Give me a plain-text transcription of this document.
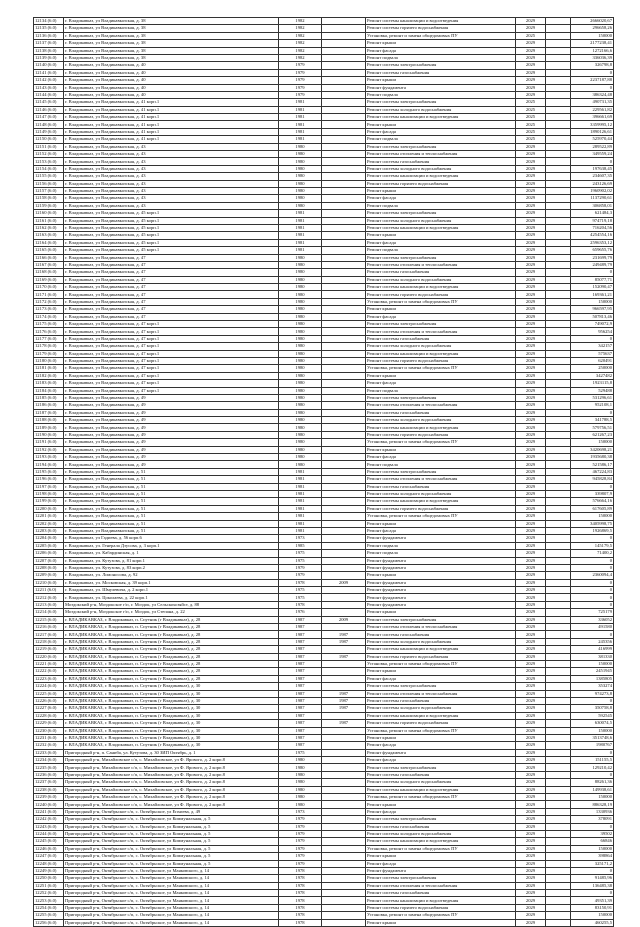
12134 (6.0)	г. Владикавказ, ул Владикавказская, д. 38	1982		Ремонт системы канализации и водоотведения	2029		2666020,67
12135 (6.0)	г. Владикавказ, ул Владикавказская, д. 38	1982		Ремонт системы горячего водоснабжения	2029		296658,26
12136 (6.0)	г. Владикавказ, ул Владикавказская, д. 38	1982		Установка, ремонт и замена общедомовых ПУ	2025		150000
12137 (6.0)	г. Владикавказ, ул Владикавказская, д. 38	1982		Ремонт крыши	2029		2177238,41
12138 (6.0)	г. Владикавказ, ул Владикавказская, д. 38	1982		Ремонт фасада	2029		1272166,6
12139 (6.0)	г. Владикавказ, ул Владикавказская, д. 38	1982		Ремонт подвала	2029		336036,39
12140 (6.0)	г. Владикавказ, ул Владикавказская, д. 40	1979		Ремонт системы электроснабжения	2029		326798,8
12141 (6.0)	г. Владикавказ, ул Владикавказская, д. 40	1979		Ремонт системы газоснабжения	2029		0
12142 (6.0)	г. Владикавказ, ул Владикавказская, д. 40	1979		Ремонт крыши	2029		2237187,88
12143 (6.0)	г. Владикавказ, ул Владикавказская, д. 40	1979		Ремонт фундамента	2029		0
12144 (6.0)	г. Владикавказ, ул Владикавказская, д. 40	1979		Ремонт подвала	2029		386324,48
12145 (6.0)	г. Владикавказ, ул Владикавказская, д. 41 корп.1	1981		Ремонт системы электроснабжения	2025		490731,35
12146 (6.0)	г. Владикавказ, ул Владикавказская, д. 41 корп.1	1981		Ремонт системы холодного водоснабжения	2025		229561,82
12147 (6.0)	г. Владикавказ, ул Владикавказская, д. 41 корп.1	1981		Ремонт системы канализации и водоотведения	2025		396661,69
12148 (6.0)	г. Владикавказ, ул Владикавказская, д. 41 корп.1	1981		Ремонт крыши	2025		3359995,12
12149 (6.0)	г. Владикавказ, ул Владикавказская, д. 41 корп.1	1981		Ремонт фасада	2025		1890126,61
12150 (6.0)	г. Владикавказ, ул Владикавказская, д. 41 корп.1	1981		Ремонт подвала	2025		525970,44
12151 (6.0)	г. Владикавказ, ул Владикавказская, д. 43	1980		Ремонт системы электроснабжения	2029		289522,89
12152 (6.0)	г. Владикавказ, ул Владикавказская, д. 43	1980		Ремонт системы отопления и теплоснабжения	2029		349559,24
12153 (6.0)	г. Владикавказ, ул Владикавказская, д. 43	1980		Ремонт системы газоснабжения	2029		0
12154 (6.0)	г. Владикавказ, ул Владикавказская, д. 43	1980		Ремонт системы холодного водоснабжения	2029		197638,45
12155 (6.0)	г. Владикавказ, ул Владикавказская, д. 43	1980		Ремонт системы канализации и водоотведения	2029		234607,35
12156 (6.0)	г. Владикавказ, ул Владикавказская, д. 43	1980		Ремонт системы горячего водоснабжения	2029		243126,69
12157 (6.0)	г. Владикавказ, ул Владикавказская, д. 43	1980		Ремонт крыши	2029		1960902,02
12158 (6.0)	г. Владикавказ, ул Владикавказская, д. 43	1980		Ремонт фасада	2029		1137290,61
12159 (6.0)	г. Владикавказ, ул Владикавказская, д. 43	1980		Ремонт подвала	2029		306858,01
12160 (6.0)	г. Владикавказ, ул Владикавказская, д. 45 корп.1	1981		Ремонт системы электроснабжения	2029		621484,3
12161 (6.0)	г. Владикавказ, ул Владикавказская, д. 45 корп.1	1981		Ремонт системы холодного водоснабжения	2029		974719,18
12162 (6.0)	г. Владикавказ, ул Владикавказская, д. 45 корп.1	1981		Ремонт системы канализации и водоотведения	2029		716204,56
12163 (6.0)	г. Владикавказ, ул Владикавказская, д. 45 корп.1	1981		Ремонт крыши	2029		4254554,16
12164 (6.0)	г. Владикавказ, ул Владикавказская, д. 45 корп.1	1981		Ремонт фасада	2029		2596353,12
12165 (6.0)	г. Владикавказ, ул Владикавказская, д. 45 корп.1	1981		Ремонт подвала	2029		659655,76
12166 (6.0)	г. Владикавказ, ул Владикавказская, д. 47	1980		Ремонт системы электроснабжения	2029		231699,79
12167 (6.0)	г. Владикавказ, ул Владикавказская, д. 47	1980		Ремонт системы отопления и теплоснабжения	2029		249489,79
12168 (6.0)	г. Владикавказ, ул Владикавказская, д. 47	1980		Ремонт системы газоснабжения	2029		0
12169 (6.0)	г. Владикавказ, ул Владикавказская, д. 47	1980		Ремонт системы холодного водоснабжения	2029		85077,71
12170 (6.0)	г. Владикавказ, ул Владикавказская, д. 47	1980		Ремонт системы канализации и водоотведения	2029		152090,47
12171 (6.0)	г. Владикавказ, ул Владикавказская, д. 47	1980		Ремонт системы горячего водоснабжения	2029		169361,21
12172 (6.0)	г. Владикавказ, ул Владикавказская, д. 47	1980		Установка, ремонт и замена общедомовых ПУ	2029		150000
12173 (6.0)	г. Владикавказ, ул Владикавказская, д. 47	1980		Ремонт крыши	2029		966597,95
12174 (6.0)	г. Владикавказ, ул Владикавказская, д. 47	1980		Ремонт фасада	2029		507813,46
12175 (6.0)	г. Владикавказ, ул Владикавказская, д. 47 корп.1	1980		Ремонт системы электроснабжения	2029		749072,9
12176 (6.0)	г. Владикавказ, ул Владикавказская, д. 47 корп.1	1980		Ремонт системы отопления и теплоснабжения	2029		956254
12177 (6.0)	г. Владикавказ, ул Владикавказская, д. 47 корп.1	1980		Ремонт системы газоснабжения	2029		0
12178 (6.0)	г. Владикавказ, ул Владикавказская, д. 47 корп.1	1980		Ремонт системы холодного водоснабжения	2029		342157
12179 (6.0)	г. Владикавказ, ул Владикавказская, д. 47 корп.1	1980		Ремонт системы канализации и водоотведения	2029		575637
12180 (6.0)	г. Владикавказ, ул Владикавказская, д. 47 корп.1	1980		Ремонт системы горячего водоснабжения	2029		620491
12181 (6.0)	г. Владикавказ, ул Владикавказская, д. 47 корп.1	1980		Установка, ремонт и замена общедомовых ПУ	2029		250000
12182 (6.0)	г. Владикавказ, ул Владикавказская, д. 47 корп.1	1980		Ремонт крыши	2029		3427482
12183 (6.0)	г. Владикавказ, ул Владикавказская, д. 47 корп.1	1980		Ремонт фасада	2029		1923115,8
12184 (6.0)	г. Владикавказ, ул Владикавказская, д. 47 корп.1	1980		Ремонт подвала	2029		529488
12185 (6.0)	г. Владикавказ, ул Владикавказская, д. 49	1980		Ремонт системы электроснабжения	2029		531296,61
12186 (6.0)	г. Владикавказ, ул Владикавказская, д. 49	1980		Ремонт системы отопления и теплоснабжения	2029		952108,1
12187 (6.0)	г. Владикавказ, ул Владикавказская, д. 49	1980		Ремонт системы газоснабжения	2029		0
12188 (6.0)	г. Владикавказ, ул Владикавказская, д. 49	1980		Ремонт системы холодного водоснабжения	2029		341788,5
12189 (6.0)	г. Владикавказ, ул Владикавказская, д. 49	1980		Ремонт системы канализации и водоотведения	2029		579756,51
12190 (6.0)	г. Владикавказ, ул Владикавказская, д. 49	1980		Ремонт системы горячего водоснабжения	2029		621267,23
12191 (6.0)	г. Владикавказ, ул Владикавказская, д. 49	1980		Установка, ремонт и замена общедомовых ПУ	2029		150000
12192 (6.0)	г. Владикавказ, ул Владикавказская, д. 49	1980		Ремонт крыши	2029		3420698,21
12193 (6.0)	г. Владикавказ, ул Владикавказская, д. 49	1980		Ремонт фасада	2029		1935680,38
12194 (6.0)	г. Владикавказ, ул Владикавказская, д. 49	1980		Ремонт подвала	2029		521586,17
12195 (6.0)	г. Владикавказ, ул Владикавказская, д. 51	1981		Ремонт системы электроснабжения	2029		467224,83
12196 (6.0)	г. Владикавказ, ул Владикавказская, д. 51	1981		Ремонт системы отопления и теплоснабжения	2029		945828,84
12197 (6.0)	г. Владикавказ, ул Владикавказская, д. 51	1981		Ремонт системы газоснабжения	2029		0
12198 (6.0)	г. Владикавказ, ул Владикавказская, д. 51	1981		Ремонт системы холодного водоснабжения	2029		339807,9
12199 (6.0)	г. Владикавказ, ул Владикавказская, д. 51	1981		Ремонт системы канализации и водоотведения	2029		576664,16
12200 (6.0)	г. Владикавказ, ул Владикавказская, д. 51	1981		Ремонт системы горячего водоснабжения	2029		617605,89
12201 (6.0)	г. Владикавказ, ул Владикавказская, д. 51	1981		Установка, ремонт и замена общедомовых ПУ	2029		150000
12202 (6.0)	г. Владикавказ, ул Владикавказская, д. 51	1981		Ремонт крыши	2029		3405998,75
12203 (6.0)	г. Владикавказ, ул Владикавказская, д. 51	1981		Ремонт фасада	2029		1926869,5
12204 (6.0)	г. Владикавказ, ул Гадиева, д. 56 корп.6	1973		Ремонт фундамента	2029		0
12205 (6.0)	г. Владикавказ, ул. Генерала Дзусова, д. 3 корп.1	1985		Ремонт подвала	2029		145179,5
12206 (6.0)	г. Владикавказ, ул. Кабардинская, д. 1	1975		Ремонт подвала	2029		71400,2
12207 (6.0)	г. Владикавказ, ул. Кутузова, д. 81 корп.1	1975		Ремонт фундамента	2029		0
12208 (6.0)	г. Владикавказ, ул. Кутузова, д. 83 корп.2	1979		Ремонт фундамента	2029		0
12209 (6.0)	г. Владикавказ, ул. Ломоносова, д. 92	1979		Ремонт крыши	2029		2360094,4
12210 (6.0)	г. Владикавказ, ул. Московская, д. 39 корп.1	1978	2009	Ремонт фундамента	2029		0
12211 (6.0)	г. Владикавказ, ул. Шмулевича, д. 2 корп.1	1975		Ремонт фундамента	2029		0
12212 (6.0)	г. Владикавказ, ул. Цоколаева, д. 22 корп.1	1975		Ремонт фундамента	2029		0
12213 (6.0)	Моздокский р-н, Моздокское г/п, г. Моздок, ул Сельскохозяйст, д. 88	1978		Ремонт фундамента	2029		0
12214 (6.0)	Моздокский р-н, Моздокское г/п, г. Моздок, ул Степана, д. 22	1976		Ремонт крыши	2029		725179
12215 (6.0)	г. ВЛАДИКАВКАЗ, г. Владикавказ, п. Спутник (г Владикавказ), д. 28	1987	2009	Ремонт системы электроснабжения	2029		336052
12216 (6.0)	г. ВЛАДИКАВКАЗ, г. Владикавказ, п. Спутник (г Владикавказ), д. 28	1987		Ремонт системы отопления и теплоснабжения	2029		491580
12217 (6.0)	г. ВЛАДИКАВКАЗ, г. Владикавказ, п. Спутник (г Владикавказ), д. 28	1987	1987	Ремонт системы газоснабжения	2029		0
12218 (6.0)	г. ВЛАДИКАВКАЗ, г. Владикавказ, п. Спутник (г Владикавказ), д. 28	1987	1987	Ремонт системы холодного водоснабжения	2029		245356
12219 (6.0)	г. ВЛАДИКАВКАЗ, г. Владикавказ, п. Спутник (г Владикавказ), д. 28	1987		Ремонт системы канализации и водоотведения	2029		416999
12220 (6.0)	г. ВЛАДИКАВКАЗ, г. Владикавказ, п. Спутник (г Владикавказ), д. 28	1987	1987	Ремонт системы горячего водоснабжения	2029		381330
12221 (6.0)	г. ВЛАДИКАВКАЗ, г. Владикавказ, п. Спутник (г Владикавказ), д. 28	1987		Установка, ремонт и замена общедомовых ПУ	2029		150000
12222 (6.0)	г. ВЛАДИКАВКАЗ, г. Владикавказ, п. Спутник (г Владикавказ), д. 28	1987		Ремонт крыши	2029		2451945
12223 (6.0)	г. ВЛАДИКАВКАЗ, г. Владикавказ, п. Спутник (г Владикавказ), д. 28	1987		Ремонт фасада	2029		1385805
12224 (6.0)	г. ВЛАДИКАВКАЗ, г. Владикавказ, п. Спутник (г Владикавказ), д. 30	1987		Ремонт системы электроснабжения	2029		353274
12225 (6.0)	г. ВЛАДИКАВКАЗ, г. Владикавказ, п. Спутник (г Владикавказ), д. 30	1987	1987	Ремонт системы отопления и теплоснабжения	2029		974273,8
12226 (6.0)	г. ВЛАДИКАВКАЗ, г. Владикавказ, п. Спутник (г Владикавказ), д. 30	1987	1987	Ремонт системы газоснабжения	2029		0
12227 (6.0)	г. ВЛАДИКАВКАЗ, г. Владикавказ, п. Спутник (г Владикавказ), д. 30	1987	1987	Ремонт системы холодного водоснабжения	2029		350758,8
12228 (6.0)	г. ВЛАДИКАВКАЗ, г. Владикавказ, п. Спутник (г Владикавказ), д. 30	1987		Ремонт системы канализации и водоотведения	2029		592545
12229 (6.0)	г. ВЛАДИКАВКАЗ, г. Владикавказ, п. Спутник (г Владикавказ), д. 30	1987	1987	Ремонт системы горячего водоснабжения	2029		630074,5
12230 (6.0)	г. ВЛАДИКАВКАЗ, г. Владикавказ, п. Спутник (г Владикавказ), д. 30	1987		Установка, ремонт и замена общедомовых ПУ	2029		150000
12231 (6.0)	г. ВЛАДИКАВКАЗ, г. Владикавказ, п. Спутник (г Владикавказ), д. 30	1987		Ремонт крыши	2029		3513748,6
12232 (6.0)	г. ВЛАДИКАВКАЗ, г. Владикавказ, п. Спутник (г Владикавказ), д. 30	1987		Ремонт фасада	2029		1980767
12233 (6.0)	Пригородный р-н, п. Саниба, ул. Кутузова, д. 30 ЗИП Октябрь, д. 1	1975		Ремонт фундамента	2029		0
12234 (6.0)	Пригородный р-н, Михайловское с/п, с. Михайловское, ул Ф. Ярового, д. 2 корп.8	1980		Ремонт фасада	2029		151155,5
12235 (6.0)	Пригородный р-н, Михайловское с/п, с. Михайловское, ул Ф. Ярового, д. 2 корп.8	1980		Ремонт системы электроснабжения	2029		129210,42
12236 (6.0)	Пригородный р-н, Михайловское с/п, с. Михайловское, ул Ф. Ярового, д. 2 корп.8	1980		Ремонт системы газоснабжения	2029		0
12237 (6.0)	Пригородный р-н, Михайловское с/п, с. Михайловское, ул Ф. Ярового, д. 2 корп.8	1980		Ремонт системы холодного водоснабжения	2029		88261,36
12238 (6.0)	Пригородный р-н, Михайловское с/п, с. Михайловское, ул Ф. Ярового, д. 2 корп.8	1980		Ремонт системы канализации и водоотведения	2029		149938,61
12239 (6.0)	Пригородный р-н, Михайловское с/п, с. Михайловское, ул Ф. Ярового, д. 2 корп.8	1980		Установка, ремонт и замена общедомовых ПУ	2029		150000
12240 (6.0)	Пригородный р-н, Михайловское с/п, с. Михайловское, ул Ф. Ярового, д. 2 корп.8	1980		Ремонт крыши	2029		886328,19
12241 (6.0)	Пригородный р-н, Октябрьское с/п, с. Октябрьское, ул Епхиева, д. 49	1973		Ремонт фасада	2029		1330936
12242 (6.0)	Пригородный р-н, Октябрьское с/п, с. Октябрьское, ул Коммунальная, д. 5	1979		Ремонт системы электроснабжения	2029		378091
12243 (6.0)	Пригородный р-н, Октябрьское с/п, с. Октябрьское, ул Коммунальная, д. 5	1979		Ремонт системы газоснабжения	2029		0
12244 (6.0)	Пригородный р-н, Октябрьское с/п, с. Октябрьское, ул Коммунальная, д. 5	1979		Ремонт системы холодного водоснабжения	2029		39502
12245 (6.0)	Пригородный р-н, Октябрьское с/п, с. Октябрьское, ул Коммунальная, д. 5	1979		Ремонт системы канализации и водоотведения	2029		66846
12246 (6.0)	Пригородный р-н, Октябрьское с/п, с. Октябрьское, ул Коммунальная, д. 5	1979		Установка, ремонт и замена общедомовых ПУ	2029		150000
12247 (6.0)	Пригородный р-н, Октябрьское с/п, с. Октябрьское, ул Коммунальная, д. 5	1979		Ремонт крыши	2029		398864
12248 (6.0)	Пригородный р-н, Октябрьское с/п, с. Октябрьское, ул Коммунальная, д. 5	1979		Ремонт фасада	2029		325171,2
12249 (6.0)	Пригородный р-н, Октябрьское с/п, с. Октябрьское, ул Маяковского, д. 14	1978		Ремонт фундамента	2029		0
12250 (6.0)	Пригородный р-н, Октябрьское с/п, с. Октябрьское, ул Маяковского, д. 14	1978		Ремонт системы электроснабжения	2029		91485,96
12251 (6.0)	Пригородный р-н, Октябрьское с/п, с. Октябрьское, ул Маяковского, д. 14	1978		Ремонт системы отопления и теплоснабжения	2029		136485,38
12252 (6.0)	Пригородный р-н, Октябрьское с/п, с. Октябрьское, ул Маяковского, д. 14	1978		Ремонт системы газоснабжения	2029		0
12253 (6.0)	Пригородный р-н, Октябрьское с/п, с. Октябрьское, ул Маяковского, д. 14	1978		Ремонт системы канализации и водоотведения	2029		49351,39
12254 (6.0)	Пригородный р-н, Октябрьское с/п, с. Октябрьское, ул Маяковского, д. 14	1978		Ремонт системы горячего водоснабжения	2029		83150,91
12255 (6.0)	Пригородный р-н, Октябрьское с/п, с. Октябрьское, ул Маяковского, д. 14	1978		Установка, ремонт и замена общедомовых ПУ	2029		150000
12256 (6.0)	Пригородный р-н, Октябрьское с/п, с. Октябрьское, ул Маяковского, д. 14	1978		Ремонт крыши	2029		460255,5
